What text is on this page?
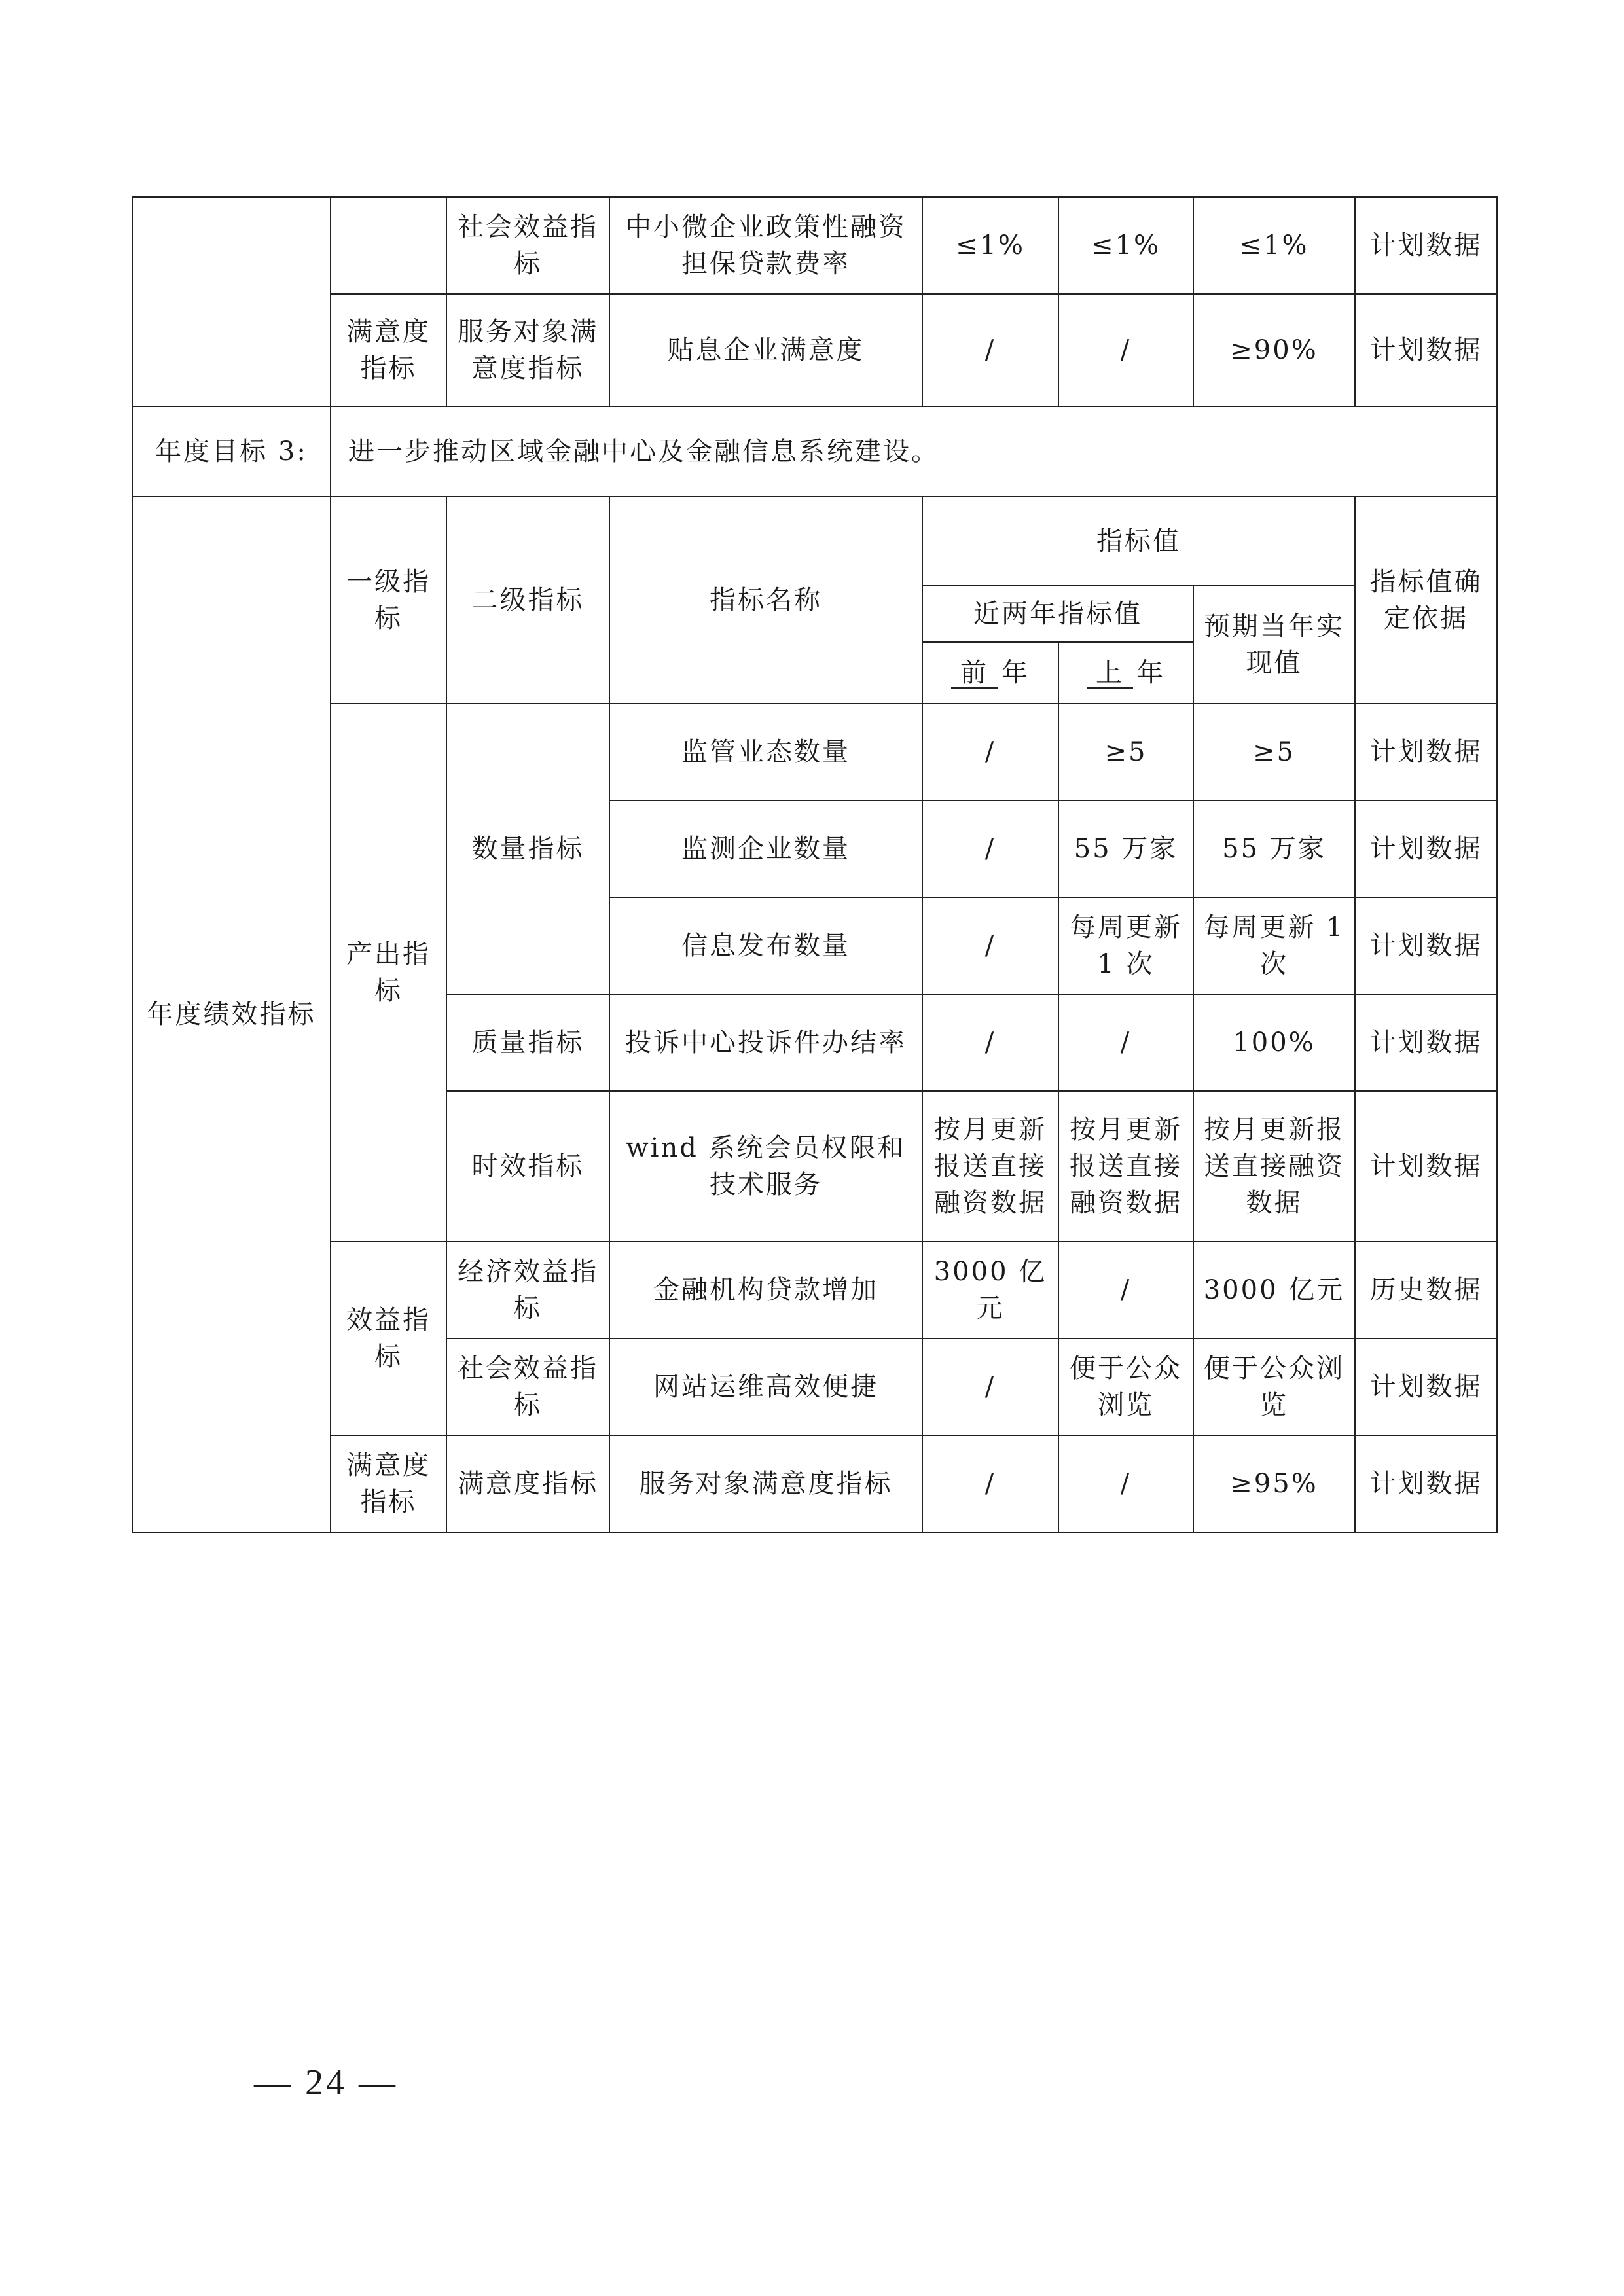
		社会效益指标	中小微企业政策性融资担保贷款费率	≤1%	≤1%	≤1%	计划数据
	满意度指标	服务对象满意度指标	贴息企业满意度	/	/	≥90%	计划数据
年度目标 3:	进一步推动区域金融中心及金融信息系统建设。						
年度绩效指标	一级指标	二级指标	指标名称	指标值			指标值确定依据
				近两年指标值		预期当年实现值	
				前 年	上 年		
	产出指标	数量指标	监管业态数量	/	≥5	≥5	计划数据
			监测企业数量	/	55 万家	55 万家	计划数据
			信息发布数量	/	每周更新 1 次	每周更新 1 次	计划数据
		质量指标	投诉中心投诉件办结率	/	/	100%	计划数据
		时效指标	wind 系统会员权限和技术服务	按月更新报送直接融资数据	按月更新报送直接融资数据	按月更新报送直接融资数据	计划数据
	效益指标	经济效益指标	金融机构贷款增加	3000 亿元	/	3000 亿元	历史数据
		社会效益指标	网站运维高效便捷	/	便于公众浏览	便于公众浏览	计划数据
	满意度指标	满意度指标	服务对象满意度指标	/	/	≥95%	计划数据
— 24 —
